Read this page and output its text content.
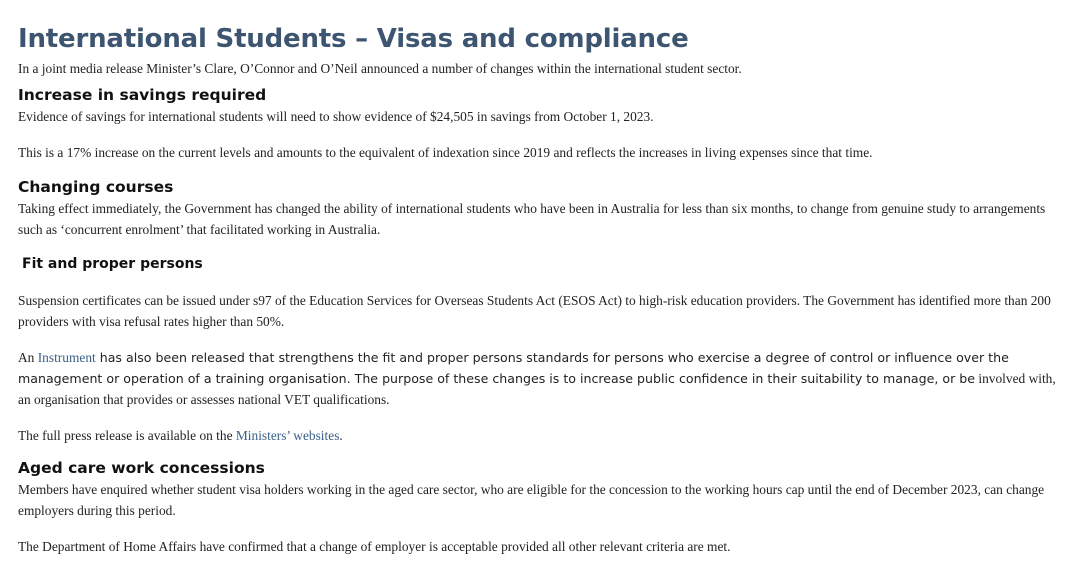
International Students – Visas and compliance

In a joint media release Minister’s Clare, O’Connor and O’Neil announced a number of changes within the international student sector.

Increase in savings required

Evidence of savings for international students will need to show evidence of $24,505 in savings from October 1, 2023.

This is a 17% increase on the current levels and amounts to the equivalent of indexation since 2019 and reflects the increases in living expenses since that time.

Changing courses

Taking effect immediately, the Government has changed the ability of international students who have been in Australia for less than six months, to change from genuine study to arrangements such as ‘concurrent enrolment’ that facilitated working in Australia.

Fit and proper persons

Suspension certificates can be issued under s97 of the Education Services for Overseas Students Act (ESOS Act) to high-risk education providers. The Government has identified more than 200 providers with visa refusal rates higher than 50%.

An Instrument has also been released that strengthens the fit and proper persons standards for persons who exercise a degree of control or influence over the management or operation of a training organisation. The purpose of these changes is to increase public confidence in their suitability to manage, or be involved with, an organisation that provides or assesses national VET qualifications.

The full press release is available on the Ministers’ websites.

Aged care work concessions

Members have enquired whether student visa holders working in the aged care sector, who are eligible for the concession to the working hours cap until the end of December 2023, can change employers during this period.

The Department of Home Affairs have confirmed that a change of employer is acceptable provided all other relevant criteria are met.
